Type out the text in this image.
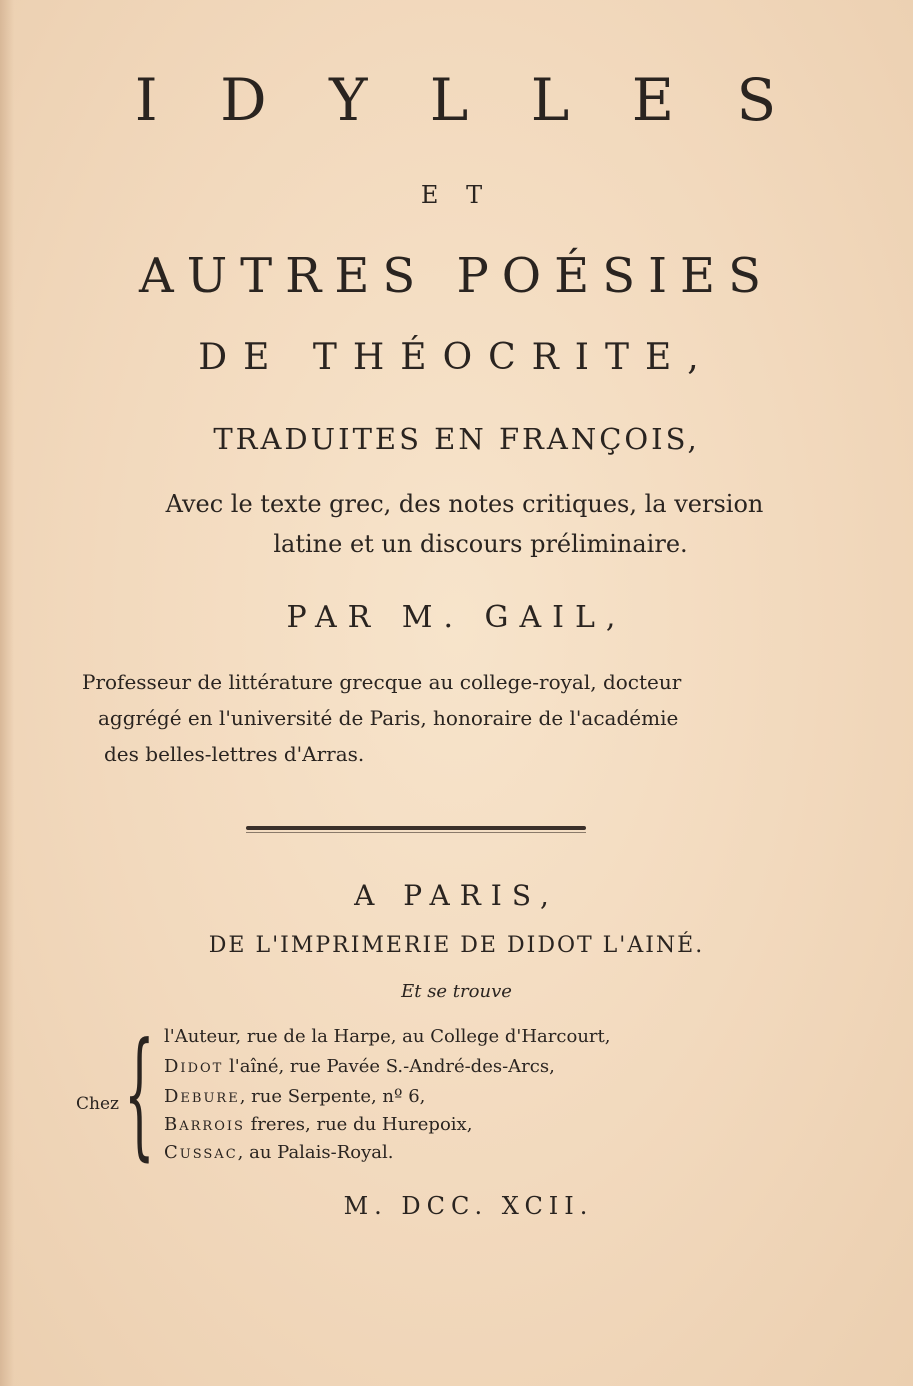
I D Y L L E S
E T
AUTRES POÉSIES
DE THÉOCRITE,
TRADUITES EN FRANÇOIS,
Avec le texte grec, des notes critiques, la version
latine et un discours préliminaire.
PAR M. GAIL,
Professeur de littérature grecque au college-royal, docteur
aggrégé en l'université de Paris, honoraire de l'académie
des belles-lettres d'Arras.
A PARIS,
DE L'IMPRIMERIE DE DIDOT L'AINÉ.
Et se trouve
Chez { l'Auteur, rue de la Harpe, au College d'Harcourt,
Didot l'aîné, rue Pavée S.-André-des-Arcs,
Debure, rue Serpente, nº 6,
Barrois freres, rue du Hurepoix,
Cussac, au Palais-Royal.
M. DCC. XCII.
